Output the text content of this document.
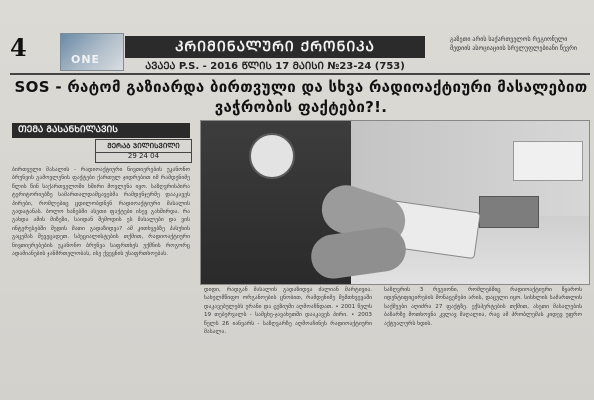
4	ONE
ᲙᲠᲘᲛᲘᲜᲐᲚᲣᲠᲘ ᲥᲠᲝᲜᲘᲙᲐ
ᲐᲕᲐᲔᲐ P.S. - 2016 ᲬᲚᲘᲡ 17 ᲛᲐᲘᲡᲘ №23-24 (753)
გაზეთი არის საქართველოს რეგიონული მედიის ასოციაციის სრულუფლებიანი წევრი
SOS - რატომ გაზიარდა ბირთვული და სხვა რადიოაქტიური მასალებით ვაჭრობის ფაქტები?!.
ᲗᲔᲛᲐ ᲒᲐᲡᲐᲜᲮᲘᲚᲐᲕᲘᲡ
ᲛᲔᲠᲐᲑ ᲯᲘᲚᲘᲡᲕᲘᲚᲘ
29 24 04
ბირთვული მასალის - რადიოაქტიური ნივთიერების უკანონო ბრუნვის გამოვლენის ფაქტები ქართულ ჯიდრებით იმ რამდენიმე წლის წინ საქართველოში ხშირი მოვლენა იყო. საზღვრისპირა ტერიტორიებზე სამართალდამცავებმა რამდენჯერმე დააკავეს პირები, რომლებიც ცდილობდნენ რადიოაქტიური მასალის გადატანას. ბოლო ხანებში ასეთი ფაქტები ისევ გახშირდა. რა გახდა ამის მიზეზი, საიდან შემოდის ეს მასალები და ვის ინტერესებში შედის მათი გადაზიდვა? ამ კითხვებზე პასუხის გაცემას შევეცადეთ. სპეციალისტების თქმით, რადიოაქტიური ნივთიერებების უკანონო ბრუნვა საფრთხეს უქმნის როგორც ადამიანების ჯანმრთელობას, ისე ქვეყნის უსაფრთხოებას.
დიდი, რადგან მასალის გადაზიდვა ძალიან მარტივია. სახელმწიფო ორგანოების ცნობით, რამდენიმე შემთხვევაში დაკავებულებს ურანი და ცეზიუმი აღმოაჩნდათ. • 2001 წელს 19 თებერვალს - სამცხე-ჯავახეთში დააკავეს პირი. • 2003 წელს 26 იანვარს - საზღვარზე აღმოაჩინეს რადიოაქტიური მასალა.
საზღვრის 3 რეგიონი, რომლებშიც რადიოაქტიური წყაროს იდენტიფიცირების მონაცემები არის, დაცული იყო. სისხლის სამართლის საქმეები აღიძრა 27 ფაქტზე. ექსპერტების თქმით, ასეთი მასალების ბაზარზე მოთხოვნა კვლავ მაღალია, რაც ამ პრობლემას კიდევ უფრო აქტუალურს ხდის.
